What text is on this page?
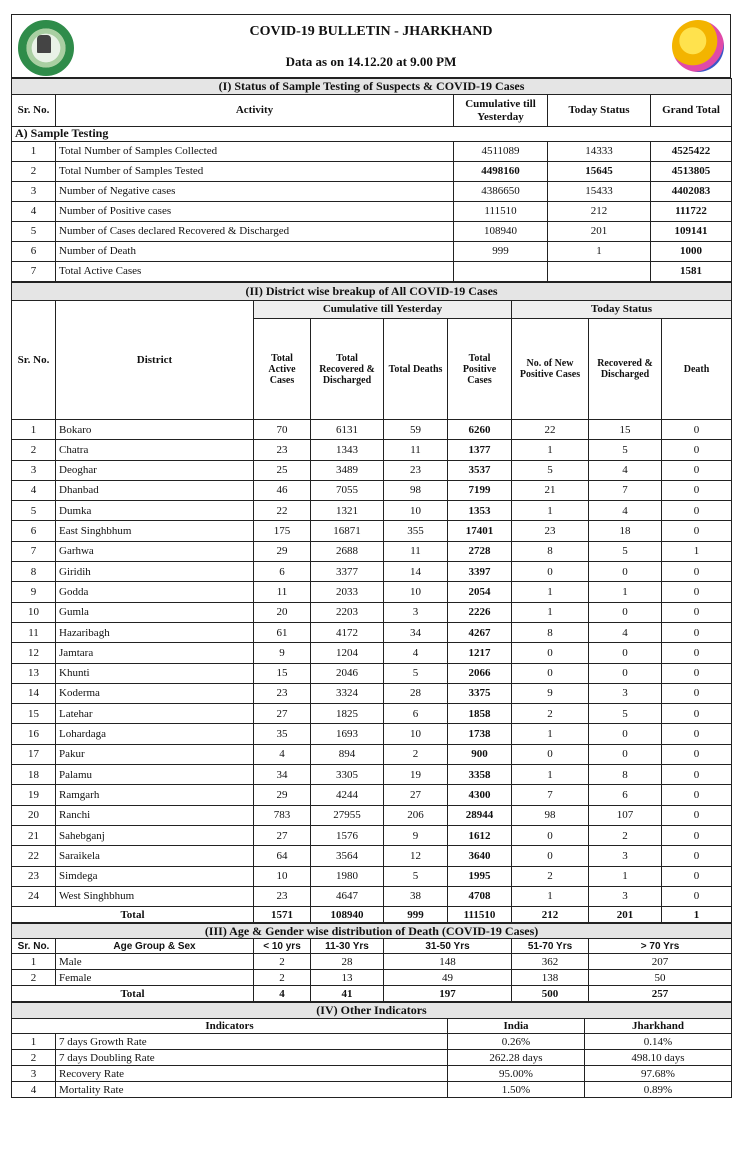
COVID-19 BULLETIN - JHARKHAND
Data as on 14.12.20 at 9.00 PM
(I) Status of Sample Testing of Suspects & COVID-19 Cases				
Sr. No.	Activity	Cumulative till Yesterday	Today Status	Grand Total
A) Sample Testing				
1	Total Number of Samples Collected	4511089	14333	4525422
2	Total Number of Samples Tested	4498160	15645	4513805
3	Number of Negative cases	4386650	15433	4402083
4	Number of Positive cases	111510	212	111722
5	Number of Cases declared Recovered & Discharged	108940	201	109141
6	Number of Death	999	1	1000
7	Total Active Cases			1581
(II) District wise breakup of All COVID-19 Cases								
Sr. No.	District	Cumulative till Yesterday				Today Status		
		Total Active Cases	Total Recovered & Discharged	Total Deaths	Total Positive Cases	No. of New Positive Cases	Recovered & Discharged	Death
1	Bokaro	70	6131	59	6260	22	15	0
2	Chatra	23	1343	11	1377	1	5	0
3	Deoghar	25	3489	23	3537	5	4	0
4	Dhanbad	46	7055	98	7199	21	7	0
5	Dumka	22	1321	10	1353	1	4	0
6	East Singhbhum	175	16871	355	17401	23	18	0
7	Garhwa	29	2688	11	2728	8	5	1
8	Giridih	6	3377	14	3397	0	0	0
9	Godda	11	2033	10	2054	1	1	0
10	Gumla	20	2203	3	2226	1	0	0
11	Hazaribagh	61	4172	34	4267	8	4	0
12	Jamtara	9	1204	4	1217	0	0	0
13	Khunti	15	2046	5	2066	0	0	0
14	Koderma	23	3324	28	3375	9	3	0
15	Latehar	27	1825	6	1858	2	5	0
16	Lohardaga	35	1693	10	1738	1	0	0
17	Pakur	4	894	2	900	0	0	0
18	Palamu	34	3305	19	3358	1	8	0
19	Ramgarh	29	4244	27	4300	7	6	0
20	Ranchi	783	27955	206	28944	98	107	0
21	Sahebganj	27	1576	9	1612	0	2	0
22	Saraikela	64	3564	12	3640	0	3	0
23	Simdega	10	1980	5	1995	2	1	0
24	West Singhbhum	23	4647	38	4708	1	3	0
Total		1571	108940	999	111510	212	201	1
(III) Age & Gender wise distribution of Death (COVID-19 Cases)						
Sr. No.	Age Group & Sex	< 10 yrs	11-30 Yrs	31-50 Yrs	51-70 Yrs	> 70 Yrs
1	Male	2	28	148	362	207
2	Female	2	13	49	138	50
Total		4	41	197	500	257
(IV) Other Indicators			
Indicators		India	Jharkhand
1	7 days Growth Rate	0.26%	0.14%
2	7 days Doubling Rate	262.28 days	498.10 days
3	Recovery Rate	95.00%	97.68%
4	Mortality Rate	1.50%	0.89%
